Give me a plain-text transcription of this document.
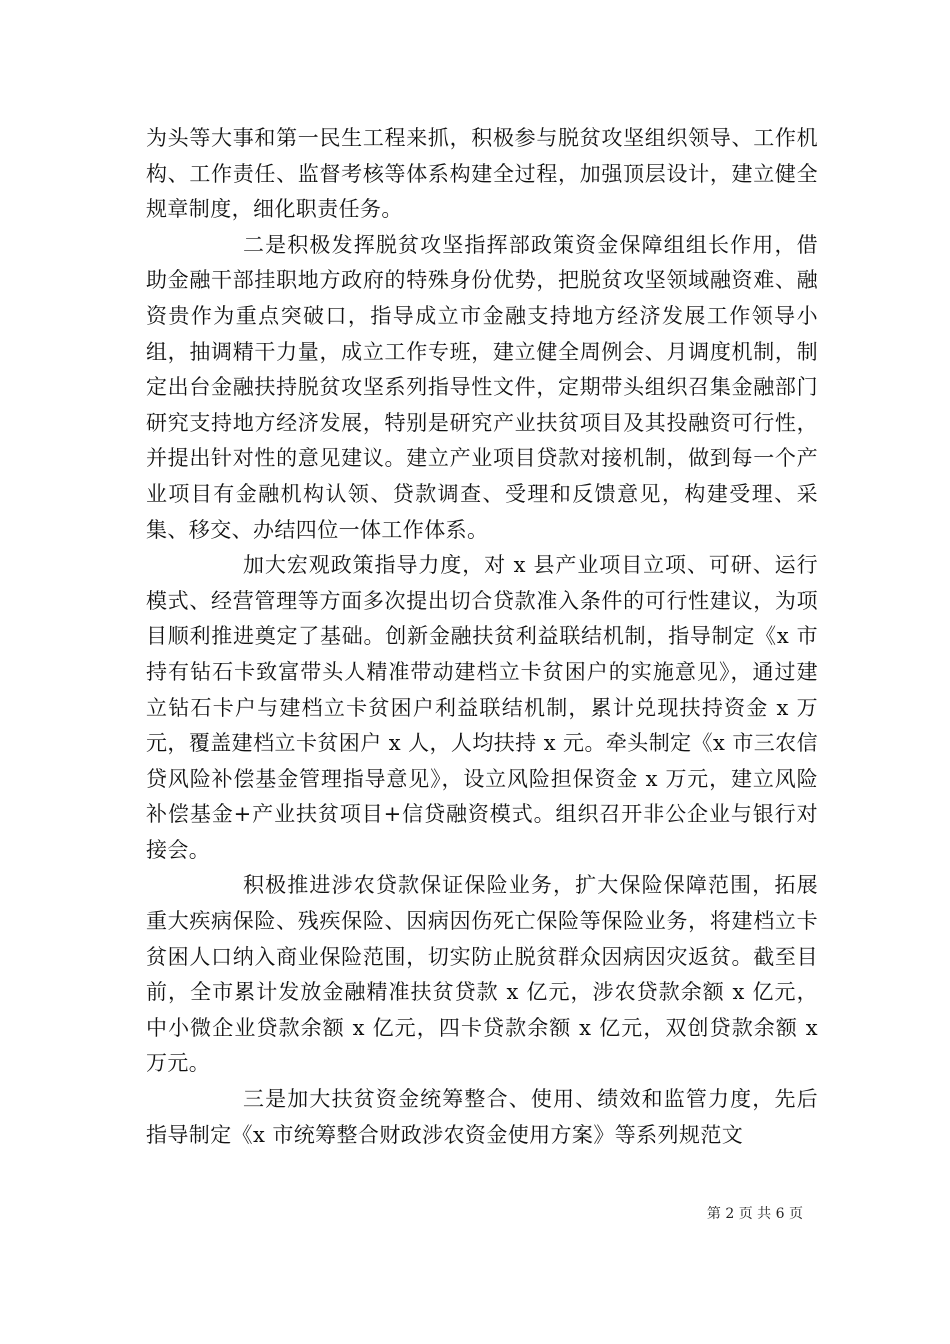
为头等大事和第一民生工程来抓，积极参与脱贫攻坚组织领导、工作机构、工作责任、监督考核等体系构建全过程，加强顶层设计，建立健全规章制度，细化职责任务。

二是积极发挥脱贫攻坚指挥部政策资金保障组组长作用，借助金融干部挂职地方政府的特殊身份优势，把脱贫攻坚领域融资难、融资贵作为重点突破口，指导成立市金融支持地方经济发展工作领导小组，抽调精干力量，成立工作专班，建立健全周例会、月调度机制，制定出台金融扶持脱贫攻坚系列指导性文件，定期带头组织召集金融部门研究支持地方经济发展，特别是研究产业扶贫项目及其投融资可行性，并提出针对性的意见建议。建立产业项目贷款对接机制，做到每一个产业项目有金融机构认领、贷款调查、受理和反馈意见，构建受理、采集、移交、办结四位一体工作体系。

加大宏观政策指导力度，对 x 县产业项目立项、可研、运行模式、经营管理等方面多次提出切合贷款准入条件的可行性建议，为项目顺利推进奠定了基础。创新金融扶贫利益联结机制，指导制定《x 市持有钻石卡致富带头人精准带动建档立卡贫困户的实施意见》，通过建立钻石卡户与建档立卡贫困户利益联结机制，累计兑现扶持资金 x 万元，覆盖建档立卡贫困户 x 人，人均扶持 x 元。牵头制定《x 市三农信贷风险补偿基金管理指导意见》，设立风险担保资金 x 万元，建立风险补偿基金+产业扶贫项目+信贷融资模式。组织召开非公企业与银行对接会。

积极推进涉农贷款保证保险业务，扩大保险保障范围，拓展重大疾病保险、残疾保险、因病因伤死亡保险等保险业务，将建档立卡贫困人口纳入商业保险范围，切实防止脱贫群众因病因灾返贫。截至目前，全市累计发放金融精准扶贫贷款 x 亿元，涉农贷款余额 x 亿元，中小微企业贷款余额 x 亿元，四卡贷款余额 x 亿元，双创贷款余额 x 万元。

三是加大扶贫资金统筹整合、使用、绩效和监管力度，先后指导制定《x 市统筹整合财政涉农资金使用方案》等系列规范文

第 2 页 共 6 页
